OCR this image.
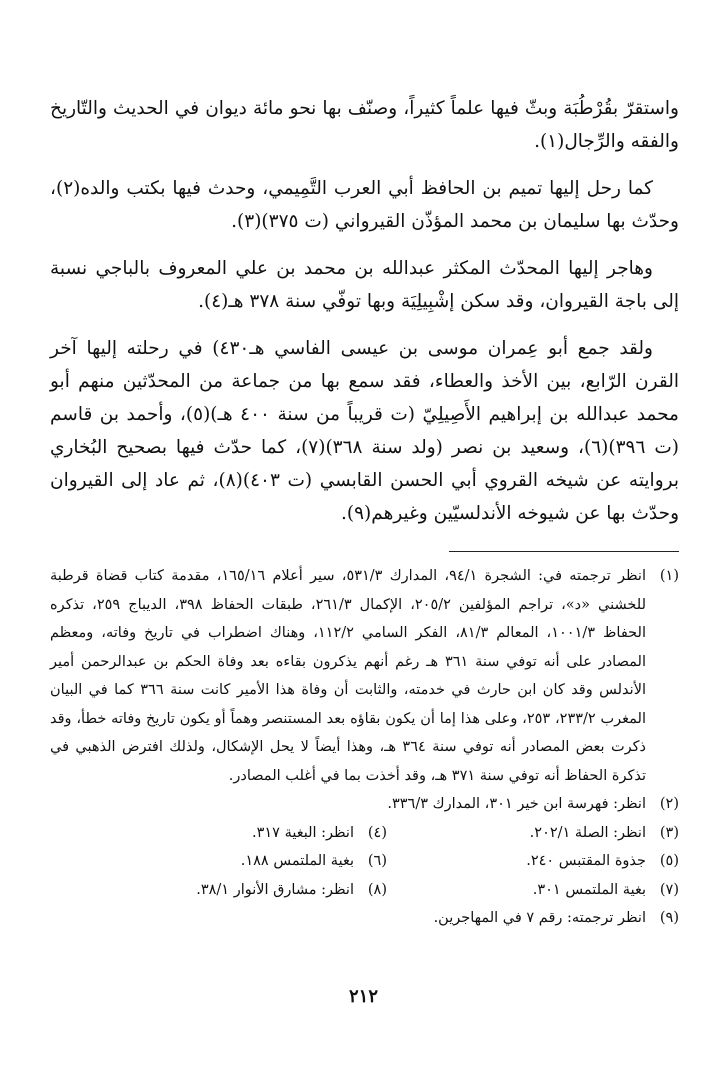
واستقرّ بقُرْطُبَة وبثّ فيها علماً كثيراً، وصنّف بها نحو مائة ديوان في الحديث والتّاريخ والفقه والرِّجال(١).

كما رحل إليها تميم بن الحافظ أبي العرب التَّمِيمي، وحدث فيها بكتب والده(٢)، وحدّث بها سليمان بن محمد المؤذّن القيرواني (ت ٣٧٥)(٣).

وهاجر إليها المحدّث المكثر عبدالله بن محمد بن علي المعروف بالباجي نسبة إلى باجة القيروان، وقد سكن إشْبِيلِيَة وبها توفّي سنة ٣٧٨ هـ(٤).

ولقد جمع أبو عِمران موسى بن عيسى الفاسي هـ٤٣٠) في رحلته إليها آخر القرن الرّابع، بين الأخذ والعطاء، فقد سمع بها من جماعة من المحدّثين منهم أبو محمد عبدالله بن إبراهيم الأَصِيلِيّ (ت قريباً من سنة ٤٠٠ هـ)(٥)، وأحمد بن قاسم (ت ٣٩٦)(٦)، وسعيد بن نصر (ولد سنة ٣٦٨)(٧)، كما حدّث فيها بصحيح البُخاري بروايته عن شيخه القروي أبي الحسن القابسي (ت ٤٠٣)(٨)، ثم عاد إلى القيروان وحدّث بها عن شيوخه الأندلسيّين وغيرهم(٩).

(١)
انظر ترجمته في: الشجرة ٩٤/١، المدارك ٥٣١/٣، سير أعلام ١٦٥/١٦، مقدمة كتاب قضاة قرطبة للخشني «د»، تراجم المؤلفين ٢٠٥/٢، الإكمال ٢٦١/٣، طبقات الحفاظ ٣٩٨، الديباج ٢٥٩، تذكره الحفاظ ١٠٠١/٣، المعالم ٨١/٣، الفكر السامي ١١٢/٢، وهناك اضطراب في تاريخ وفاته، ومعظم المصادر على أنه توفي سنة ٣٦١ هـ رغم أنهم يذكرون بقاءه بعد وفاة الحكم بن عبدالرحمن أمير الأندلس وقد كان ابن حارث في خدمته، والثابت أن وفاة هذا الأمير كانت سنة ٣٦٦ كما في البيان المغرب ٢٣٣/٢، ٢٥٣، وعلى هذا إما أن يكون بقاؤه بعد المستنصر وهماً أو يكون تاريخ وفاته خطأ، وقد ذكرت بعض المصادر أنه توفي سنة ٣٦٤ هـ، وهذا أيضاً لا يحل الإشكال، ولذلك افترض الذهبي في تذكرة الحفاظ أنه توفي سنة ٣٧١ هـ، وقد أخذت بما في أغلب المصادر.
(٢)
انظر: فهرسة ابن خير ٣٠١، المدارك ٣٣٦/٣.
(٣)
انظر: الصلة ٢٠٢/١.
(٤)
انظر: البغية ٣١٧.
(٥)
جذوة المقتبس ٢٤٠.
(٦)
بغية الملتمس ١٨٨.
(٧)
بغية الملتمس ٣٠١.
(٨)
انظر: مشارق الأنوار ٣٨/١.
(٩)
انظر ترجمته: رقم ٧ في المهاجرين.
٢١٢
